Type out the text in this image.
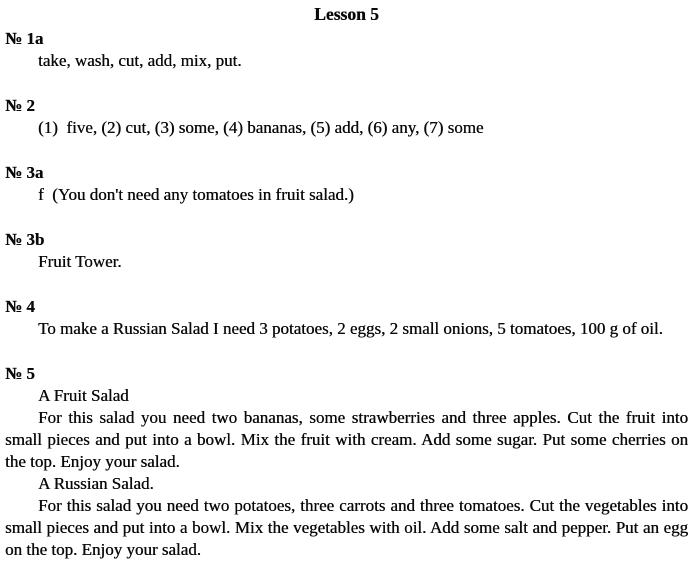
Lesson 5
№ 1a

take, wash, cut, add, mix, put.

№ 2

(1)  five, (2) cut, (3) some, (4) bananas, (5) add, (6) any, (7) some

№ 3a

f  (You don't need any tomatoes in fruit salad.)

№ 3b

Fruit Tower.

№ 4

To make a Russian Salad I need 3 potatoes, 2 eggs, 2 small onions, 5 tomatoes, 100 g of oil.

№ 5

A Fruit Salad

For this salad you need two bananas, some strawberries and three apples. Cut the fruit into small pieces and put into a bowl. Mix the fruit with cream. Add some sugar. Put some cherries on the top. Enjoy your salad.

A Russian Salad.

For this salad you need two potatoes, three carrots and three tomatoes. Cut the vegetables into small pieces and put into a bowl. Mix the vegetables with oil. Add some salt and pepper. Put an egg on the top. Enjoy your salad.
